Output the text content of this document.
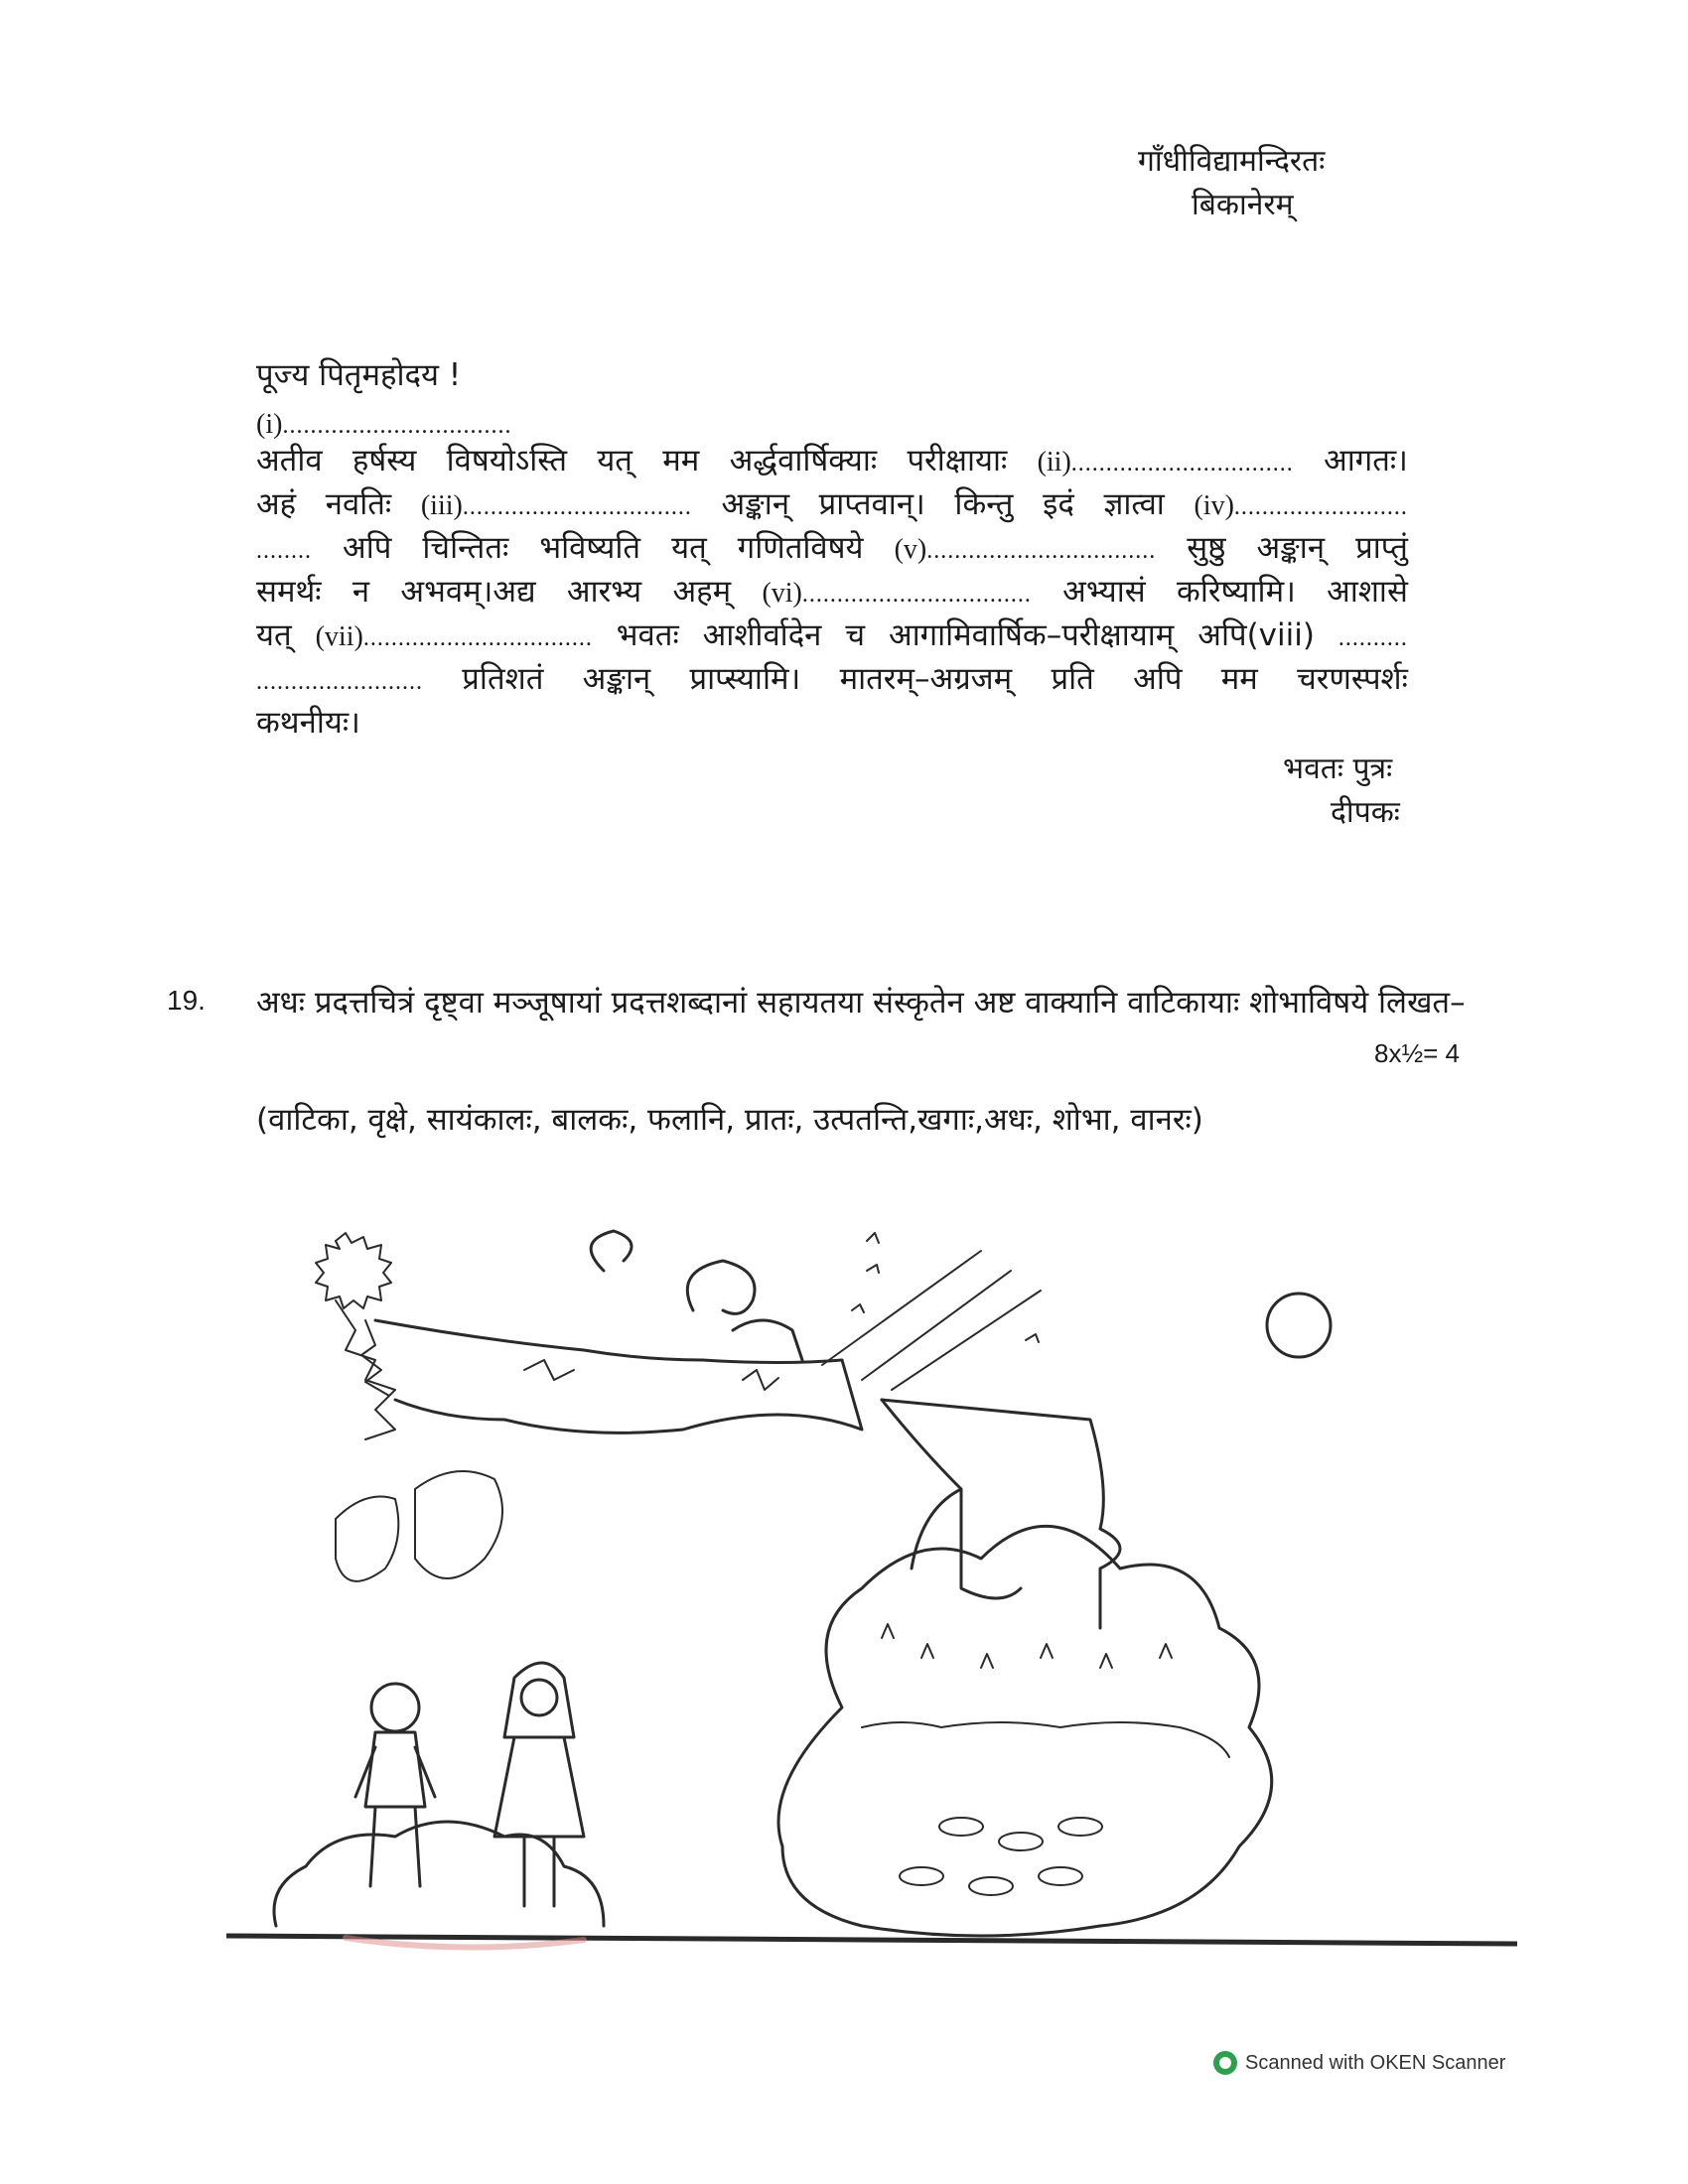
गाँधीविद्यामन्दिरतः
बिकानेरम्
पूज्य पितृमहोदय !
(i) .................................
अतीव हर्षस्य विषयोऽस्ति यत् मम अर्द्धवार्षिक्याः परीक्षायाः (ii)................................ आगतः।
अहं नवतिः (iii)................................. अङ्कान् प्राप्तवान्। किन्तु इदं ज्ञात्वा (iv).........................
........ अपि चिन्तितः भविष्यति यत् गणितविषये (v)................................. सुष्ठु अङ्कान् प्राप्तुं
समर्थः न अभवम्।अद्य आरभ्य अहम् (vi)................................. अभ्यासं करिष्यामि। आशासे
यत् (vii)................................. भवतः आशीर्वादेन च आगामिवार्षिक–परीक्षायाम् अपि(viii) ..........
........................ प्रतिशतं अङ्कान् प्राप्स्यामि। मातरम्–अग्रजम् प्रति अपि मम चरणस्पर्शः
कथनीयः।
भवतः पुत्रः
दीपकः
19. अधः प्रदत्तचित्रं दृष्ट्वा मञ्जूषायां प्रदत्तशब्दानां सहायतया संस्कृतेन अष्ट वाक्यानि वाटिकायाः शोभाविषये लिखत–
8x½= 4
(वाटिका, वृक्षे, सायंकालः, बालकः, फलानि, प्रातः, उत्पतन्ति,खगाः,अधः, शोभा, वानरः)
Scanned with OKEN Scanner
